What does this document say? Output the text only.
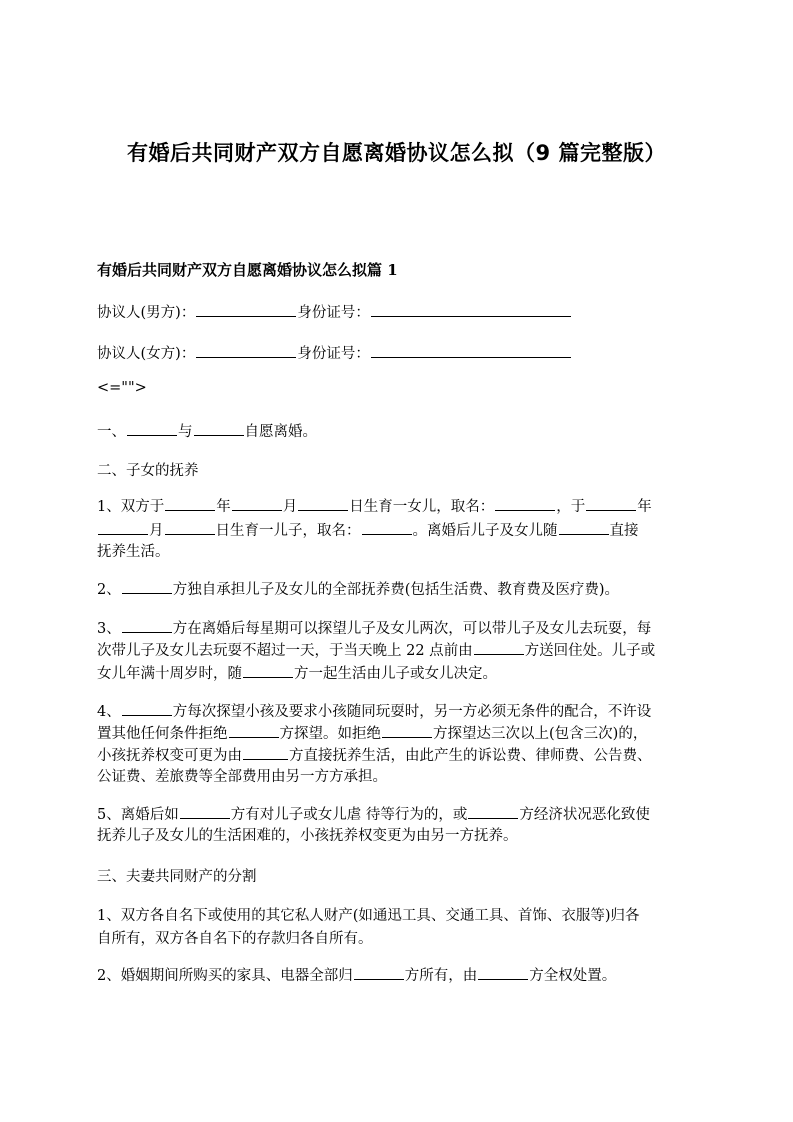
有婚后共同财产双方自愿离婚协议怎么拟（9 篇完整版）
有婚后共同财产双方自愿离婚协议怎么拟篇 1
协议人(男方)：	身份证号：
协议人(女方)：	身份证号：
<="">
一、	与	自愿离婚。
二、子女的抚养
1、双方于	年	月	日生育一女儿，取名：	，于	年
月	日生育一儿子，取名：	。离婚后儿子及女儿随	直接
抚养生活。
2、	方独自承担儿子及女儿的全部抚养费(包括生活费、教育费及医疗费)。
3、	方在离婚后每星期可以探望儿子及女儿两次，可以带儿子及女儿去玩耍，每
次带儿子及女儿去玩耍不超过一天，于当天晚上 22 点前由	方送回住处。儿子或
女儿年满十周岁时，随	方一起生活由儿子或女儿决定。
4、	方每次探望小孩及要求小孩随同玩耍时，另一方必须无条件的配合，不许设
置其他任何条件拒绝	方探望。如拒绝	方探望达三次以上(包含三次)的，
小孩抚养权变可更为由	方直接抚养生活，由此产生的诉讼费、律师费、公告费、
公证费、差旅费等全部费用由另一方方承担。
5、离婚后如	方有对儿子或女儿虐 待等行为的，或	方经济状况恶化致使
抚养儿子及女儿的生活困难的，小孩抚养权变更为由另一方抚养。
三、夫妻共同财产的分割
1、双方各自名下或使用的其它私人财产(如通迅工具、交通工具、首饰、衣服等)归各
自所有，双方各自名下的存款归各自所有。
2、婚姻期间所购买的家具、电器全部归	方所有，由	方全权处置。
